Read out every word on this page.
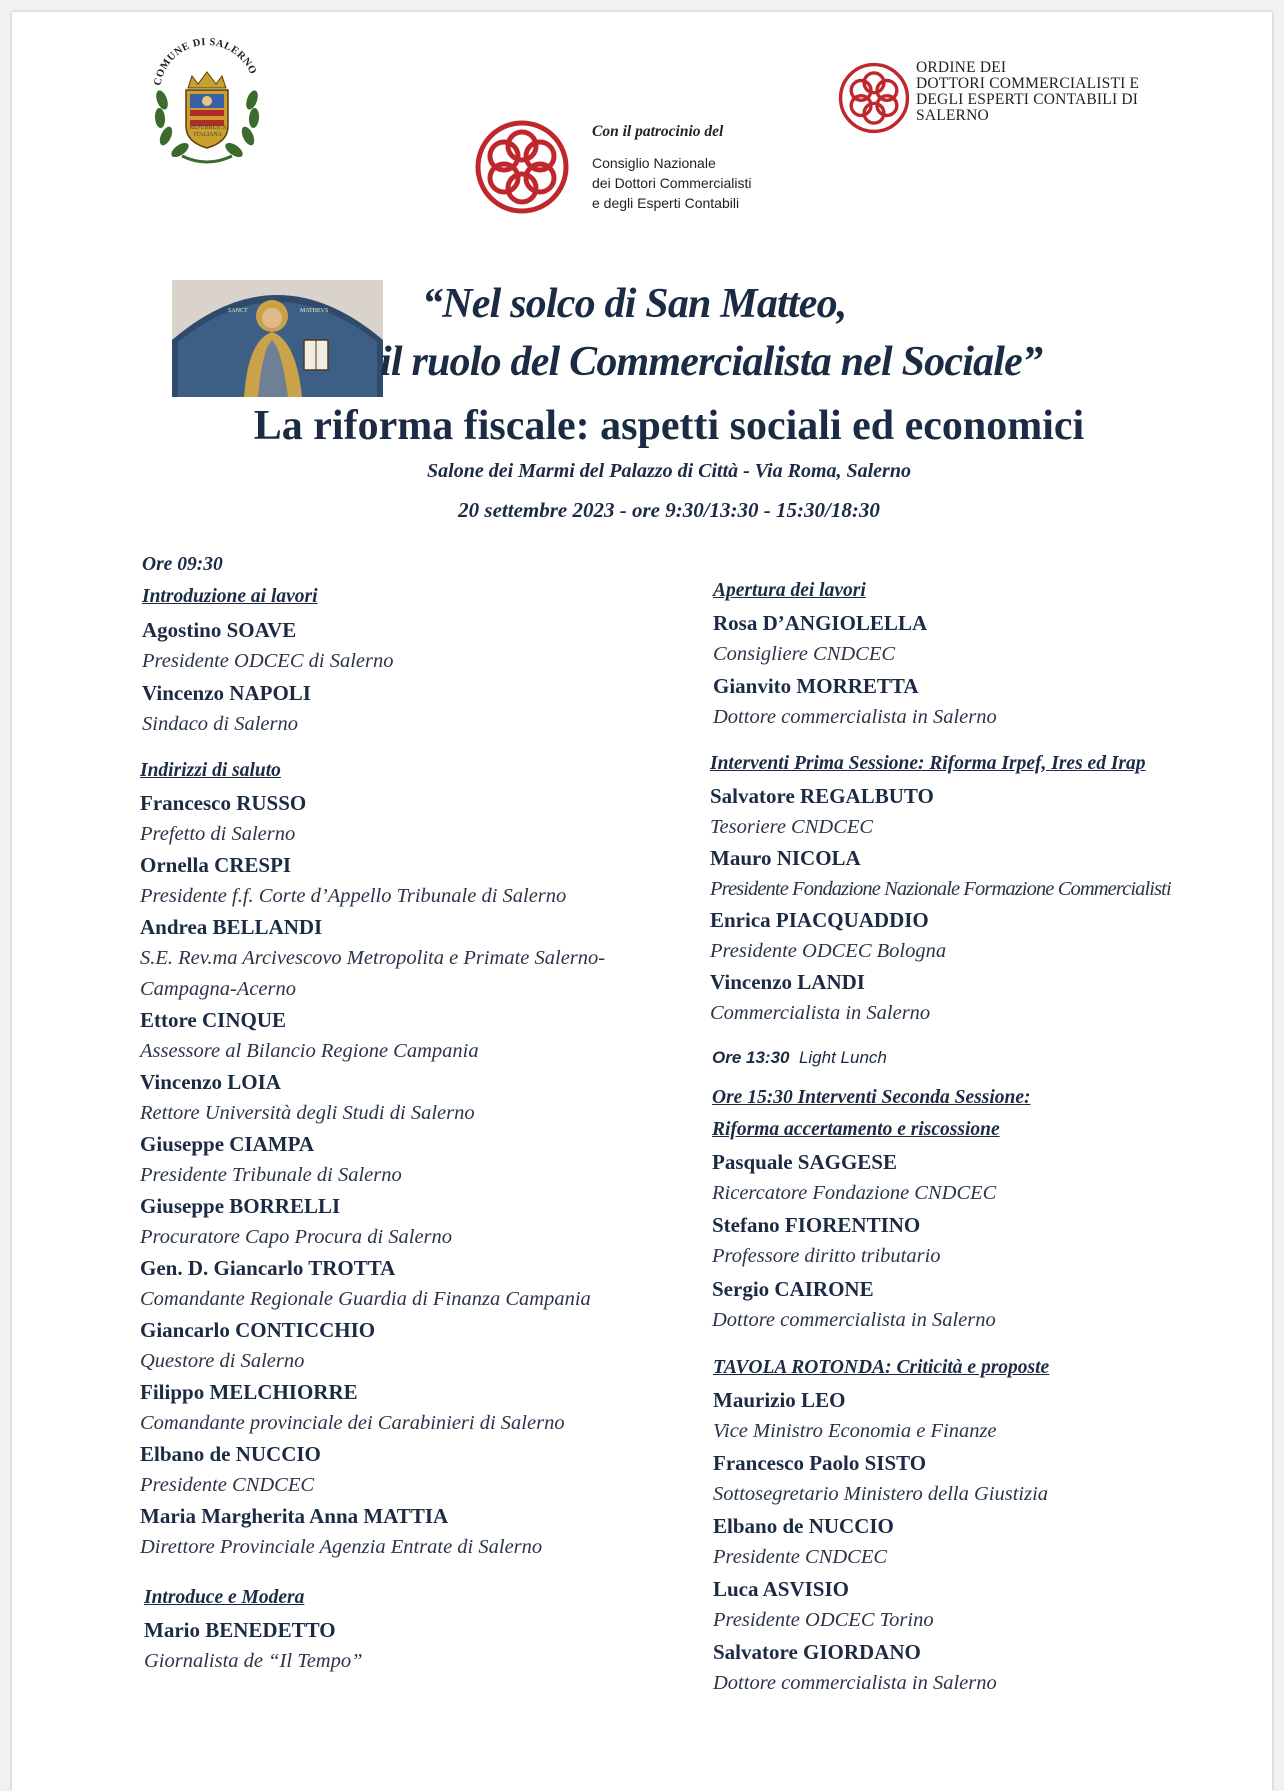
COMUNE DI SALERNO
REPUBBLICA ITALIANA	Con il patrocinio del
Consiglio Nazionale
dei Dottori Commercialisti
e degli Esperti Contabili
ORDINE DEI
DOTTORI COMMERCIALISTI E
DEGLI ESPERTI CONTABILI DI
SALERNO
SANCT	MATHEVS	“Nel solco di San Matteo,
il ruolo del Commercialista nel Sociale”
La riforma fiscale: aspetti sociali ed economici
Salone dei Marmi del Palazzo di Città - Via Roma, Salerno
20 settembre 2023 - ore 9:30/13:30 - 15:30/18:30
Ore 09:30
Introduzione ai lavori
Agostino SOAVE
Presidente ODCEC di Salerno
Vincenzo NAPOLI
Sindaco di Salerno
Indirizzi di saluto
Francesco RUSSO
Prefetto di Salerno
Ornella CRESPI
Presidente f.f. Corte d’Appello Tribunale di Salerno
Andrea BELLANDI
S.E. Rev.ma Arcivescovo Metropolita e Primate Salerno-
Campagna-Acerno
Ettore CINQUE
Assessore al Bilancio Regione Campania
Vincenzo LOIA
Rettore Università degli Studi di Salerno
Giuseppe CIAMPA
Presidente Tribunale di Salerno
Giuseppe BORRELLI
Procuratore Capo Procura di Salerno
Gen. D. Giancarlo TROTTA
Comandante Regionale Guardia di Finanza Campania
Giancarlo CONTICCHIO
Questore di Salerno
Filippo MELCHIORRE
Comandante provinciale dei Carabinieri di Salerno
Elbano de NUCCIO
Presidente CNDCEC
Maria Margherita Anna MATTIA
Direttore Provinciale Agenzia Entrate di Salerno
Introduce e Modera
Mario BENEDETTO
Giornalista de “Il Tempo”
Apertura dei lavori
Rosa D’ANGIOLELLA
Consigliere CNDCEC
Gianvito MORRETTA
Dottore commercialista in Salerno
Interventi Prima Sessione: Riforma Irpef, Ires ed Irap
Salvatore REGALBUTO
Tesoriere CNDCEC
Mauro NICOLA
Presidente Fondazione Nazionale Formazione Commercialisti
Enrica PIACQUADDIO
Presidente ODCEC Bologna
Vincenzo LANDI
Commercialista in Salerno
Ore 13:30 Light Lunch
Ore 15:30 Interventi Seconda Sessione:
Riforma accertamento e riscossione
Pasquale SAGGESE
Ricercatore Fondazione CNDCEC
Stefano FIORENTINO
Professore diritto tributario
Sergio CAIRONE
Dottore commercialista in Salerno
TAVOLA ROTONDA: Criticità e proposte
Maurizio LEO
Vice Ministro Economia e Finanze
Francesco Paolo SISTO
Sottosegretario Ministero della Giustizia
Elbano de NUCCIO
Presidente CNDCEC
Luca ASVISIO
Presidente ODCEC Torino
Salvatore GIORDANO
Dottore commercialista in Salerno
